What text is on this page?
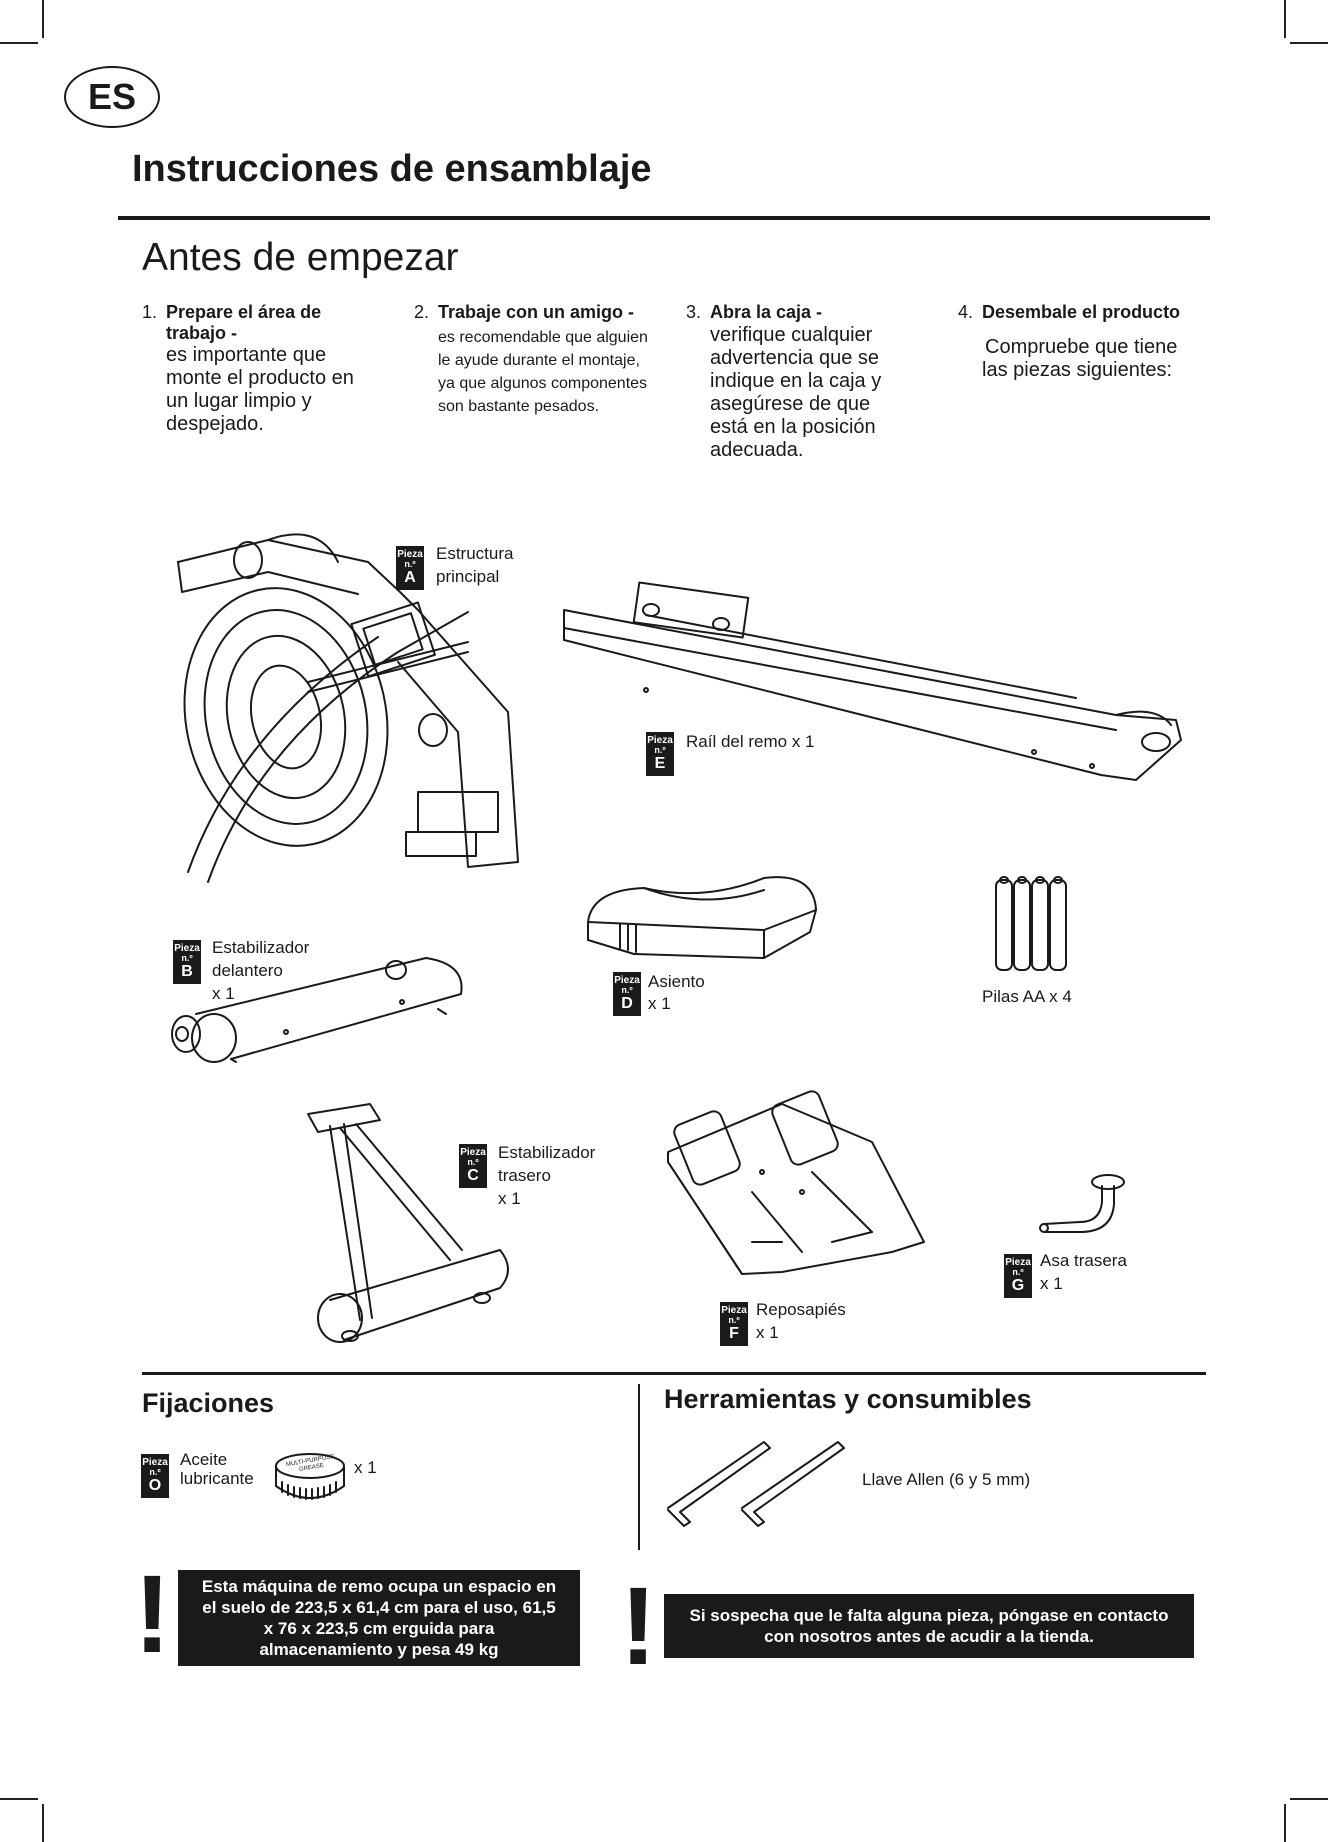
ES
Instrucciones de ensamblaje
Antes de empezar
1. Prepare el área de trabajo -
es importante que monte el producto en un lugar limpio y despejado.
2. Trabaje con un amigo -
es recomendable que alguien le ayude durante el montaje, ya que algunos componentes son bastante pesados.
3. Abra la caja -
verifique cualquier advertencia que se indique en la caja y asegúrese de que está en la posición adecuada.
4. Desembale el producto
Compruebe que tiene las piezas siguientes:
Pieza
n.º
A
Estructura principal
Pieza
n.º
E
Raíl del remo x 1
Pieza
n.º
B
Estabilizador delantero
x 1
Pieza
n.º
D
Asiento
x 1	Pilas AA x 4
Pieza
n.º
C
Estabilizador trasero
x 1
Pieza
n.º
F
Reposapiés
x 1
Pieza
n.º
G
Asa trasera
x 1
Fijaciones	Herramientas y consumibles
Pieza
n.º
O
Aceite lubricante
MULTI-PURPOSE GREASE	x 1
Llave Allen (6 y 5 mm)
!	Esta máquina de remo ocupa un espacio en el suelo de 223,5 x 61,4 cm para el uso, 61,5 x 76 x 223,5 cm erguida para almacenamiento y pesa 49 kg	!	Si sospecha que le falta alguna pieza, póngase en contacto con nosotros antes de acudir a la tienda.
